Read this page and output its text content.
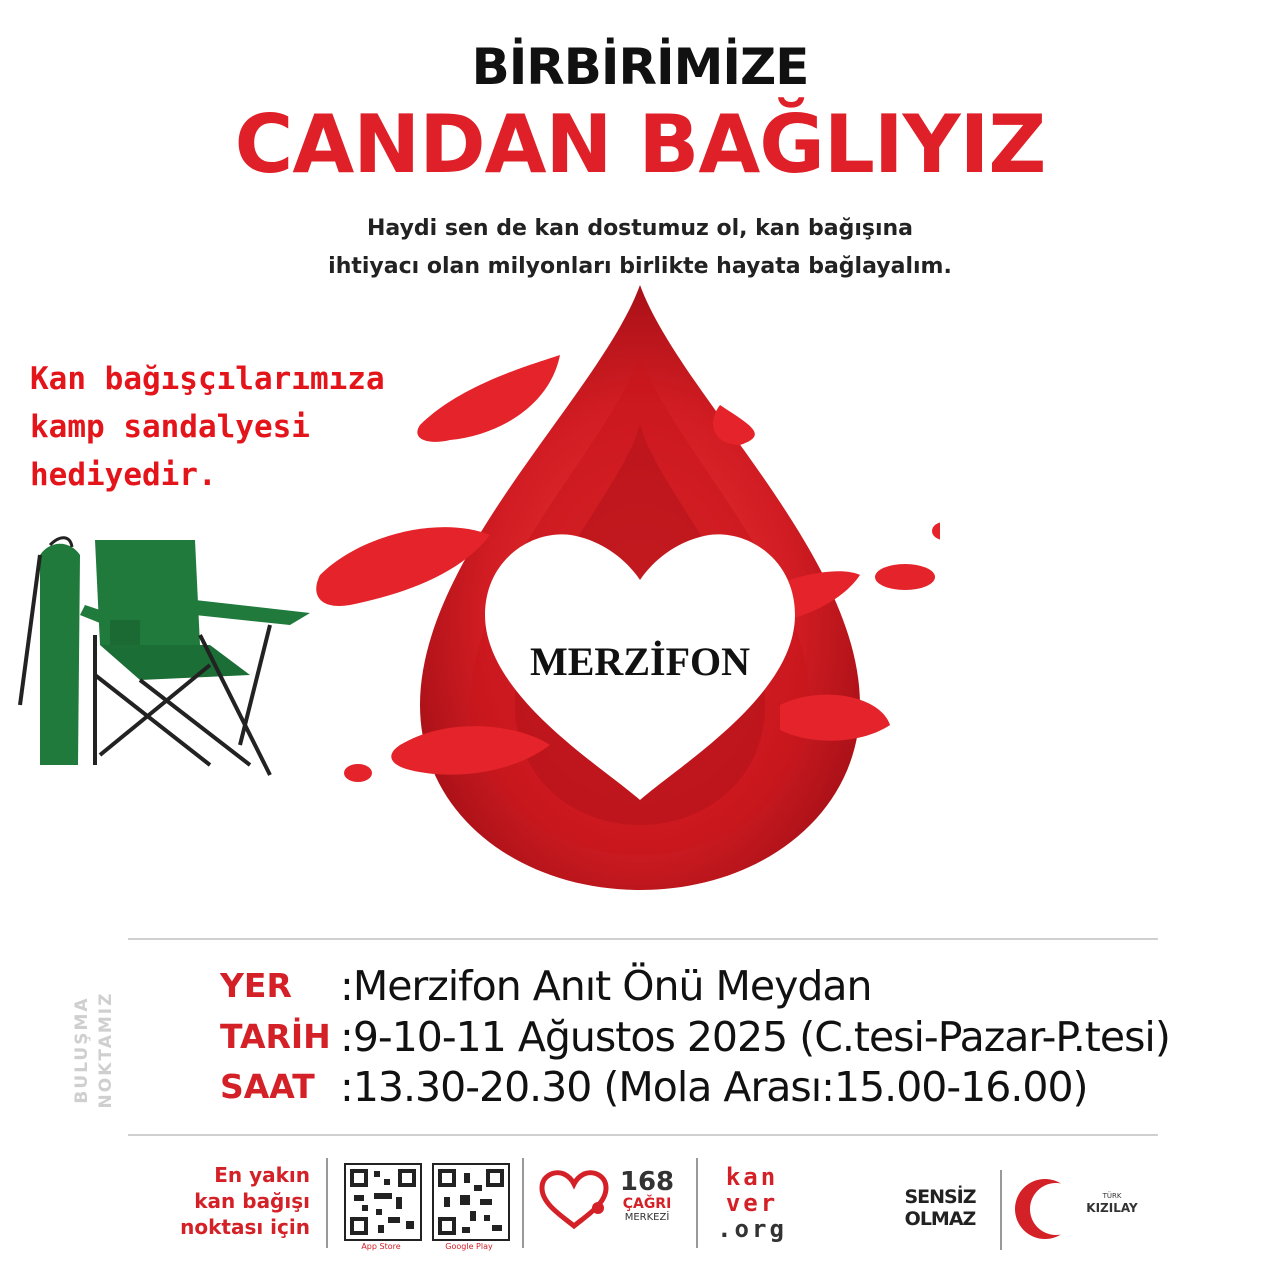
BİRBİRİMİZE
CANDAN BAĞLIYIZ
Haydi sen de kan dostumuz ol, kan bağışına
ihtiyacı olan milyonları birlikte hayata bağlayalım.
MERZİFON
Kan bağışçılarımıza
kamp sandalyesi
hediyedir.
BULUŞMA NOKTAMIZ
YER :Merzifon Anıt Önü Meydan
TARİH :9-10-11 Ağustos 2025 (C.tesi-Pazar-P.tesi)
SAAT :13.30-20.30 (Mola Arası:15.00-16.00)
En yakın
kan bağışı
noktası için
App Store	Google Play
168
ÇAĞRI
MERKEZİ
kan
ver
.org
SENSİZ
OLMAZ
TÜRK
KIZILAY
